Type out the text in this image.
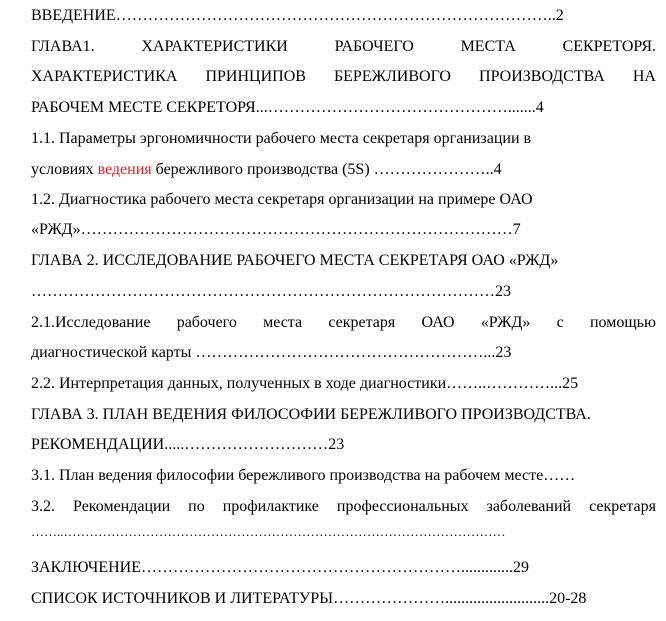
ВВЕДЕНИЕ………………………………………………………………………..2
ГЛАВА1.	ХАРАКТЕРИСТИКИ	РАБОЧЕГО	МЕСТА	СЕКРЕТОРЯ.
ХАРАКТЕРИСТИКА ПРИНЦИПОВ БЕРЕЖЛИВОГО ПРОИЗВОДСТВА НА
РАБОЧЕМ МЕСТЕ СЕКРЕТОРЯ...……………………………………….......4
1.1. Параметры эргономичности рабочего места секретаря организации в
условиях ведения бережливого производства (5S) …………………..4
1.2. Диагностика рабочего места секретаря организации на примере ОАО
«РЖД»………………………………………………………………………7
ГЛАВА 2. ИССЛЕДОВАНИЕ РАБОЧЕГО МЕСТА СЕКРЕТАРЯ ОАО «РЖД»
……………………………………………………………………………23
2.1.Исследование рабочего места секретаря ОАО «РЖД» с помощью
диагностической карты ………………………………………………...23
2.2. Интерпретация данных, полученных в ходе диагностики……..…………...25
ГЛАВА 3. ПЛАН ВЕДЕНИЯ ФИЛОСОФИИ БЕРЕЖЛИВОГО ПРОИЗВОДСТВА.
РЕКОМЕНДАЦИИ.....………………………23
3.1. План ведения философии бережливого производства на рабочем месте……
3.2. Рекомендации по профилактике профессиональных заболеваний секретаря
……..…………………………………………………………………………………………
ЗАКЛЮЧЕНИЕ…………………………………………………….............29
СПИСОК ИСТОЧНИКОВ И ЛИТЕРАТУРЫ…………………..........................20-28
